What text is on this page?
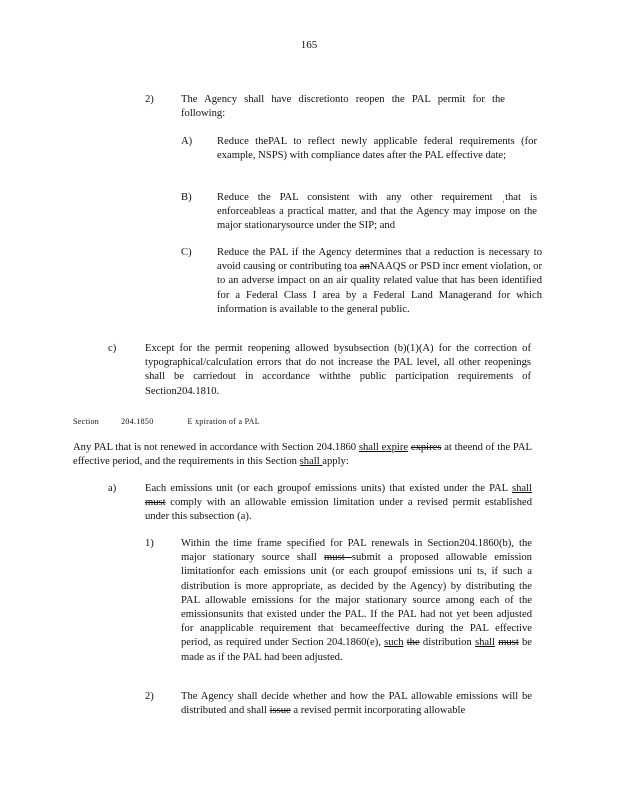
165
2)	The Agency shall have discretionto reopen the PAL permit for the following:
A) Reduce thePAL to reflect newly applicable federal requirements (for example, NSPS) with compliance dates after the PAL effective date;
B) Reduce the PAL consistent with any other requirement ˌthat is enforceableas a practical matter, and that the Agency may impose on the major stationarysource under the SIP; and
C) Reduce the PAL if the Agency determines that a reduction is necessary to avoid causing or contributing toa anNAAQS or PSD incr ement violation, or to an adverse impact on an air quality related value that has been identified for a Federal Class I area by a Federal Land Managerand for which information is available to the general public.
c)	Except for the permit reopening allowed bysubsection (b)(1)(A) for the correction of typographical/calculation errors that do not increase the PAL level, all other reopenings shall be carriedout in accordance withthe public participation requirements of Section204.1810.
Section	204.1850	E xpiration of a PAL
Any PAL that is not renewed in accordance with Section 204.1860 shall expire expires at theend of the PAL effective period, and the requirements in this Section shall apply:
a)	Each emissions unit (or each groupof emissions units) that existed under the PAL shall must comply with an allowable emission limitation under a revised permit established under this subsection (a).
1)	Within the time frame specified for PAL renewals in Section204.1860(b), the major stationary source shall must submit a proposed allowable emission limitationfor each emissions unit (or each groupof emissions uni ts, if such a distribution is more appropriate, as decided by the Agency) by distributing the PAL allowable emissions for the major stationary source among each of the emissionsunits that existed under the PAL. If the PAL had not yet been adjusted for anapplicable requirement that becameeffective during the PAL effective period, as required under Section 204.1860(e), such the distribution shall must be made as if the PAL had been adjusted.
2)	The Agency shall decide whether and how the PAL allowable emissions will be distributed and shall issue a revised permit incorporating allowable
